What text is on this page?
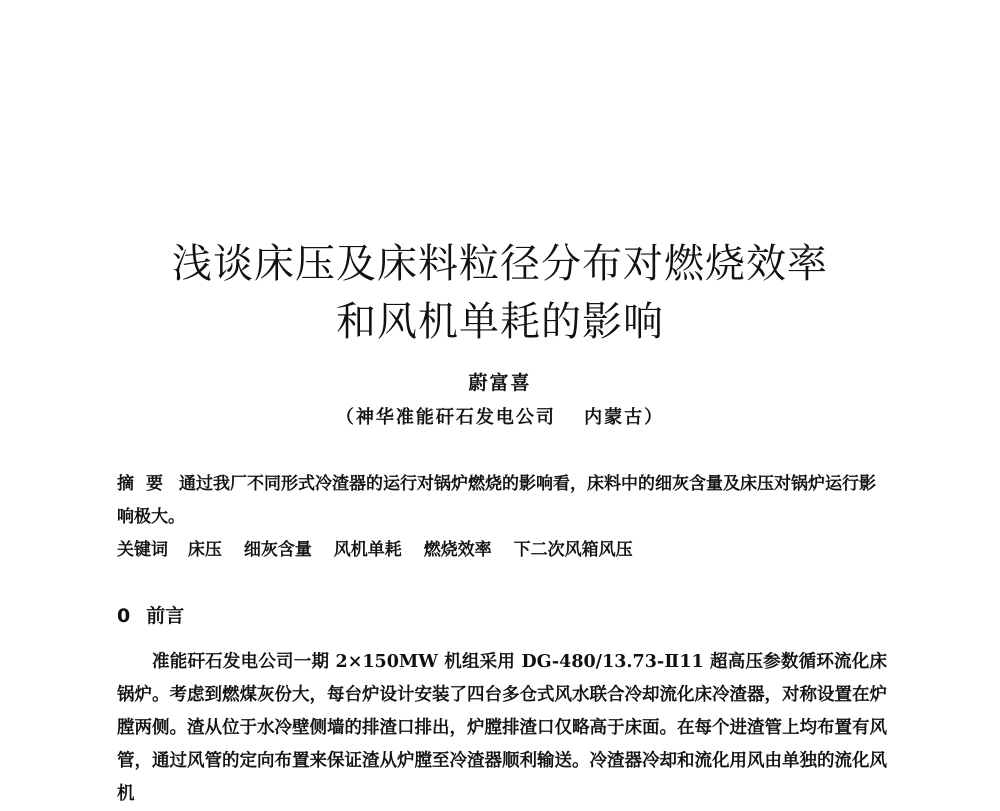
浅谈床压及床料粒径分布对燃烧效率
和风机单耗的影响
蔚富喜
（神华准能矸石发电公司　 内蒙古）
摘要 通过我厂不同形式冷渣器的运行对锅炉燃烧的影响看，床料中的细灰含量及床压对锅炉运行影响极大。
关键词 床压 细灰含量 风机单耗 燃烧效率 下二次风箱风压
0 前言
准能矸石发电公司一期 2×150MW 机组采用 DG-480/13.73-Ⅱ11 超高压参数循环流化床锅炉。考虑到燃煤灰份大，每台炉设计安装了四台多仓式风水联合冷却流化床冷渣器，对称设置在炉膛两侧。渣从位于水冷壁侧墙的排渣口排出，炉膛排渣口仅略高于床面。在每个进渣管上均布置有风管，通过风管的定向布置来保证渣从炉膛至冷渣器顺利输送。冷渣器冷却和流化用风由单独的流化风机
